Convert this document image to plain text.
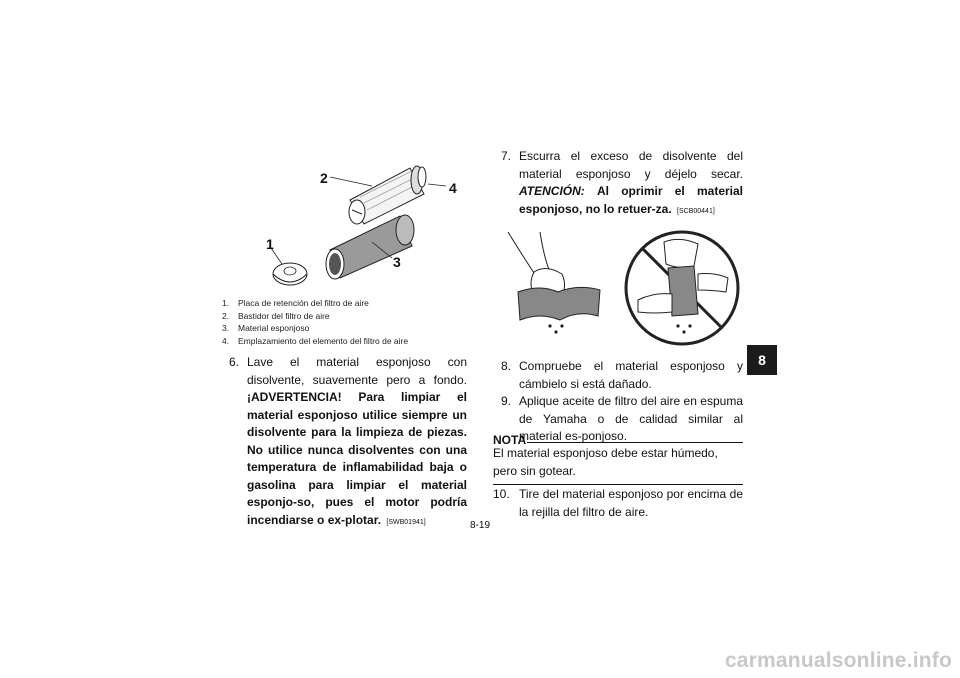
2
4
1
3
1.	Placa de retención del filtro de aire
2.	Bastidor del filtro de aire
3.	Material esponjoso
4.	Emplazamiento del elemento del filtro de aire
6. Lave el material esponjoso con disolvente, suavemente pero a fondo. ¡ADVERTENCIA! Para limpiar el material esponjoso utilice siempre un disolvente para la limpieza de piezas. No utilice nunca disolventes con una temperatura de inflamabilidad baja o gasolina para limpiar el material esponjo-so, pues el motor podría incendiarse o ex-plotar. [SWB01941]
7. Escurra el exceso de disolvente del material esponjoso y déjelo secar. ATENCIÓN: Al oprimir el material esponjoso, no lo retuer-za. [SCB00441]
8. Compruebe el material esponjoso y cámbielo si está dañado.
9. Aplique aceite de filtro del aire en espuma de Yamaha o de calidad similar al material es-ponjoso.
NOTA
El material esponjoso debe estar húmedo, pero sin gotear.
10. Tire del material esponjoso por encima de la rejilla del filtro de aire.
8
8-19
carmanualsonline.info
